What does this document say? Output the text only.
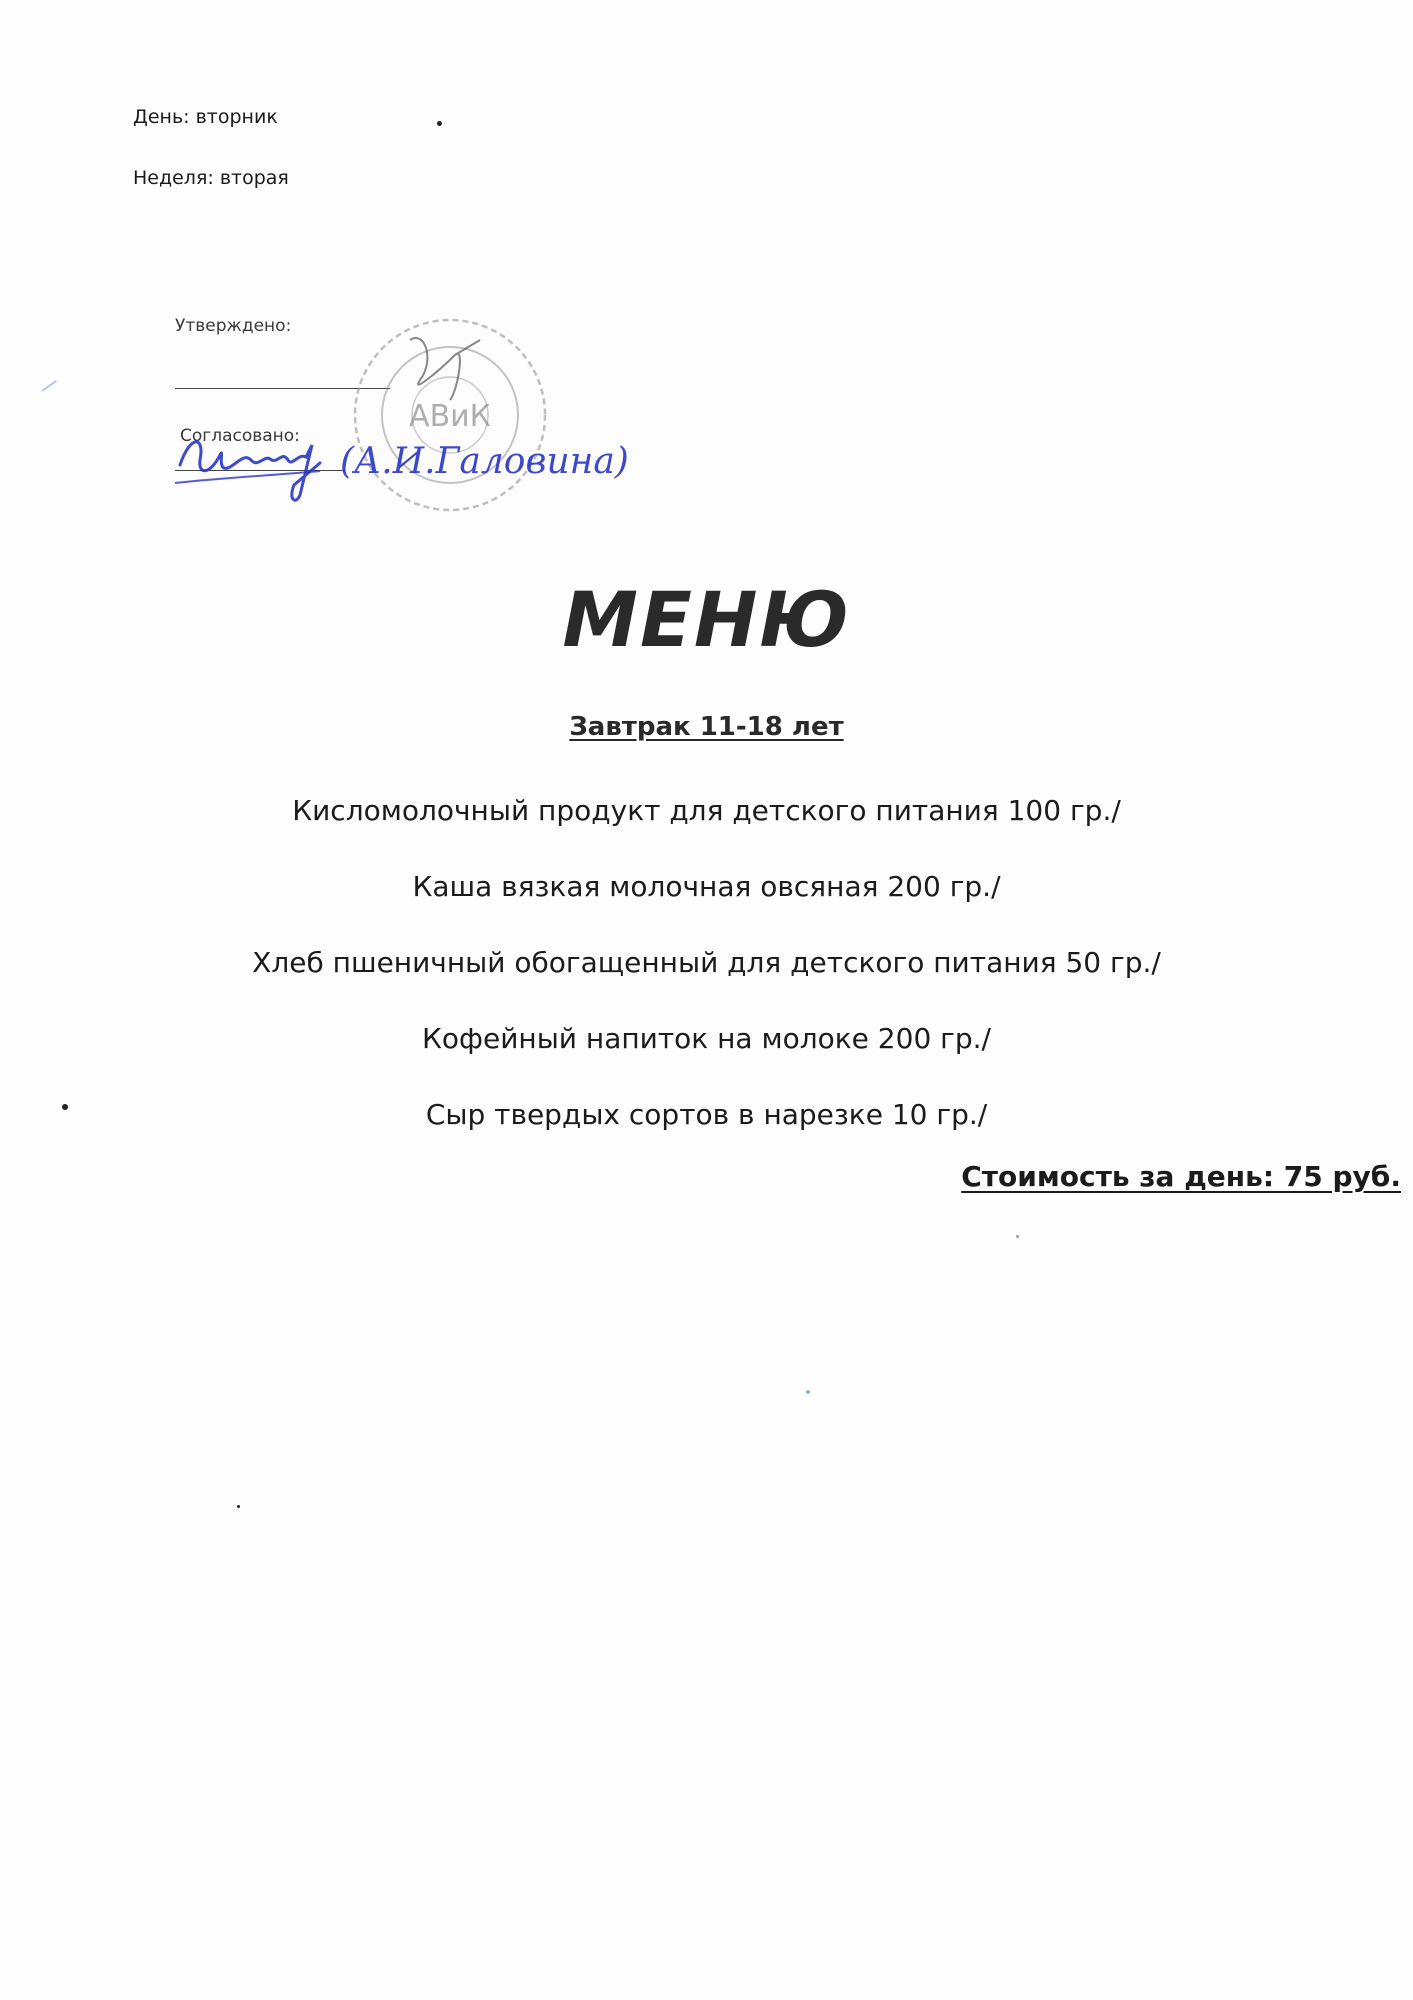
День: вторник
Неделя: вторая
Утверждено:
Согласовано:
АВиК
(А.И.Галовина)
МЕНЮ
Завтрак 11-18 лет
Кисломолочный продукт для детского питания 100 гр./
Каша вязкая молочная овсяная 200 гр./
Хлеб пшеничный обогащенный для детского питания 50 гр./
Кофейный напиток на молоке 200 гр./
Сыр твердых сортов в нарезке 10 гр./
Стоимость за день: 75 руб.
